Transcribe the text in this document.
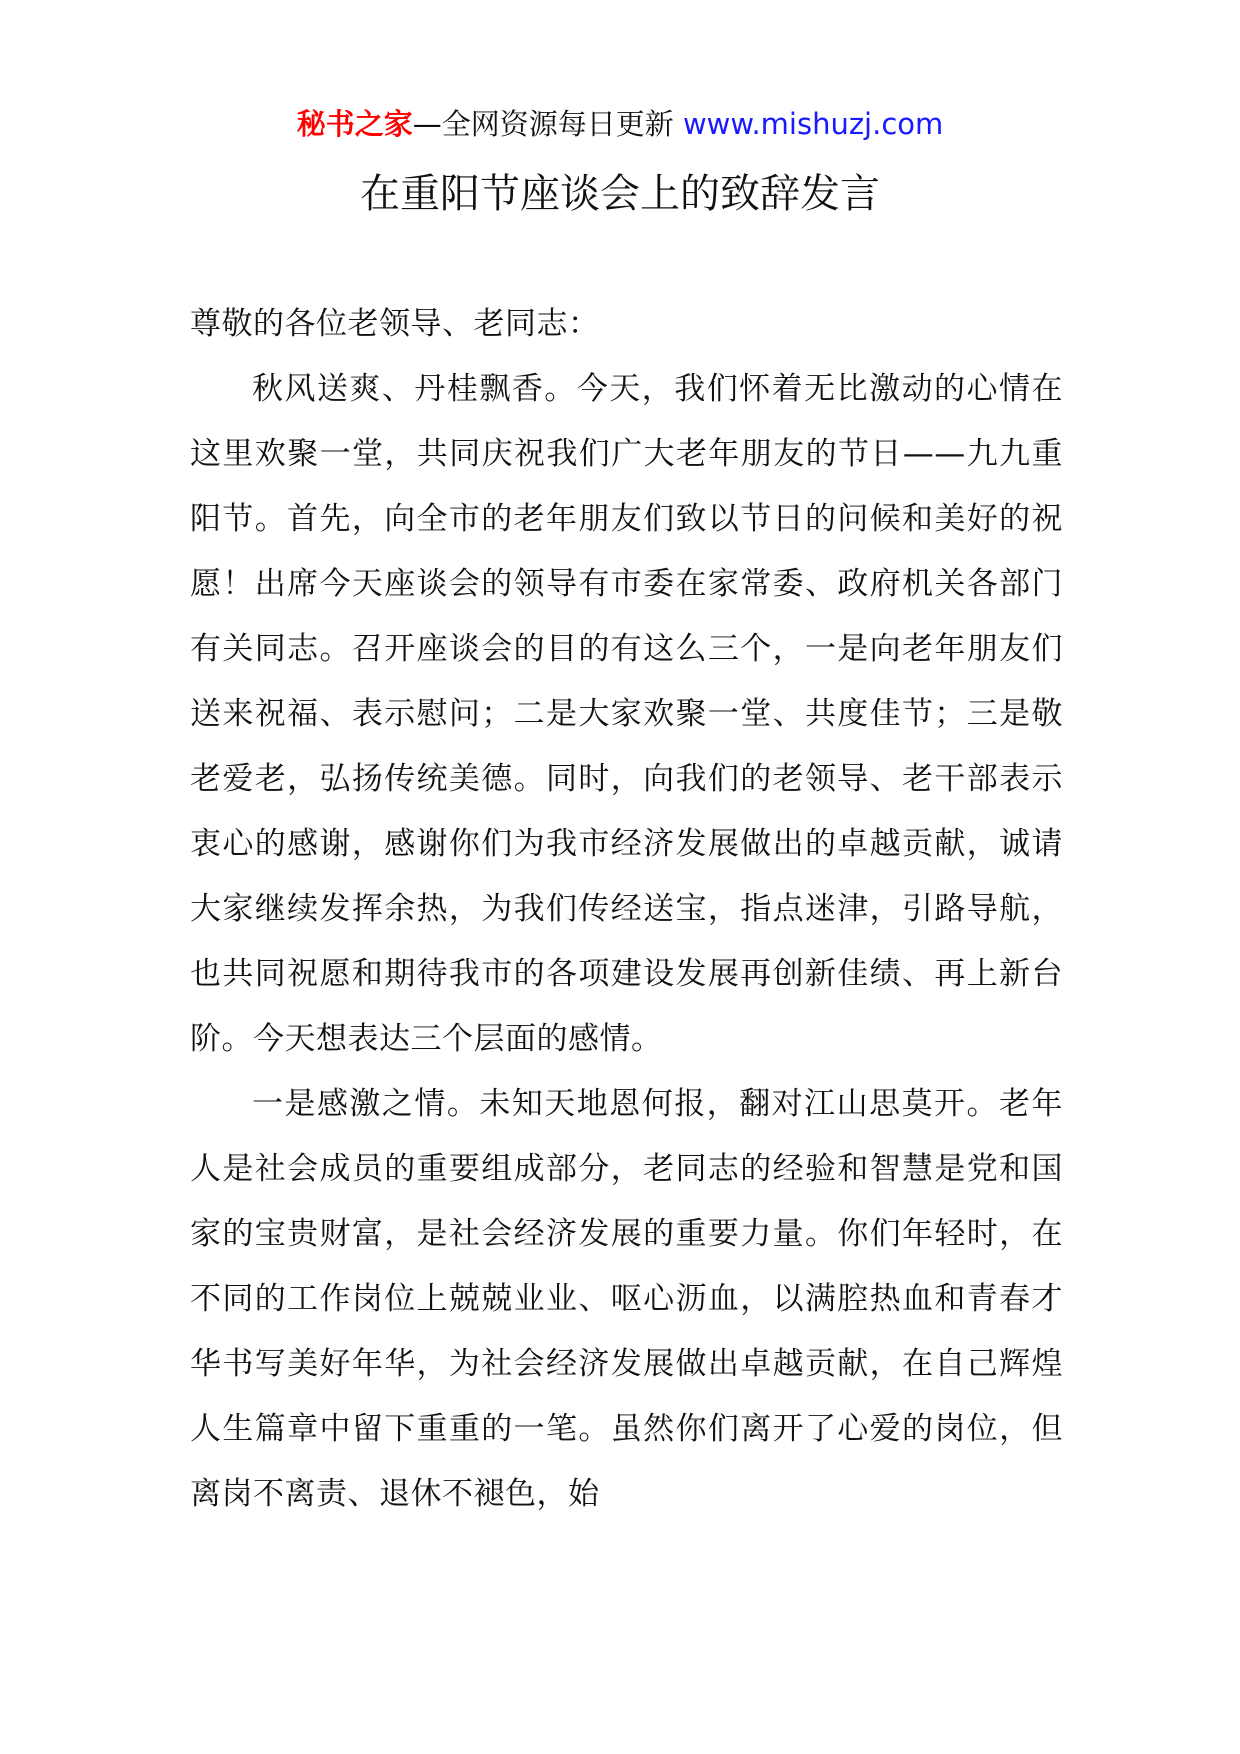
秘书之家—全网资源每日更新 www.mishuzj.com
在重阳节座谈会上的致辞发言

尊敬的各位老领导、老同志：

秋风送爽、丹桂飘香。今天，我们怀着无比激动的心情在这里欢聚一堂，共同庆祝我们广大老年朋友的节日——九九重阳节。首先，向全市的老年朋友们致以节日的问候和美好的祝愿！出席今天座谈会的领导有市委在家常委、政府机关各部门有关同志。召开座谈会的目的有这么三个，一是向老年朋友们送来祝福、表示慰问；二是大家欢聚一堂、共度佳节；三是敬老爱老，弘扬传统美德。同时，向我们的老领导、老干部表示衷心的感谢，感谢你们为我市经济发展做出的卓越贡献，诚请大家继续发挥余热，为我们传经送宝，指点迷津，引路导航，也共同祝愿和期待我市的各项建设发展再创新佳绩、再上新台阶。今天想表达三个层面的感情。

一是感激之情。未知天地恩何报，翻对江山思莫开。老年人是社会成员的重要组成部分，老同志的经验和智慧是党和国家的宝贵财富，是社会经济发展的重要力量。你们年轻时，在不同的工作岗位上兢兢业业、呕心沥血，以满腔热血和青春才华书写美好年华，为社会经济发展做出卓越贡献，在自己辉煌人生篇章中留下重重的一笔。虽然你们离开了心爱的岗位，但离岗不离责、退休不褪色，始
